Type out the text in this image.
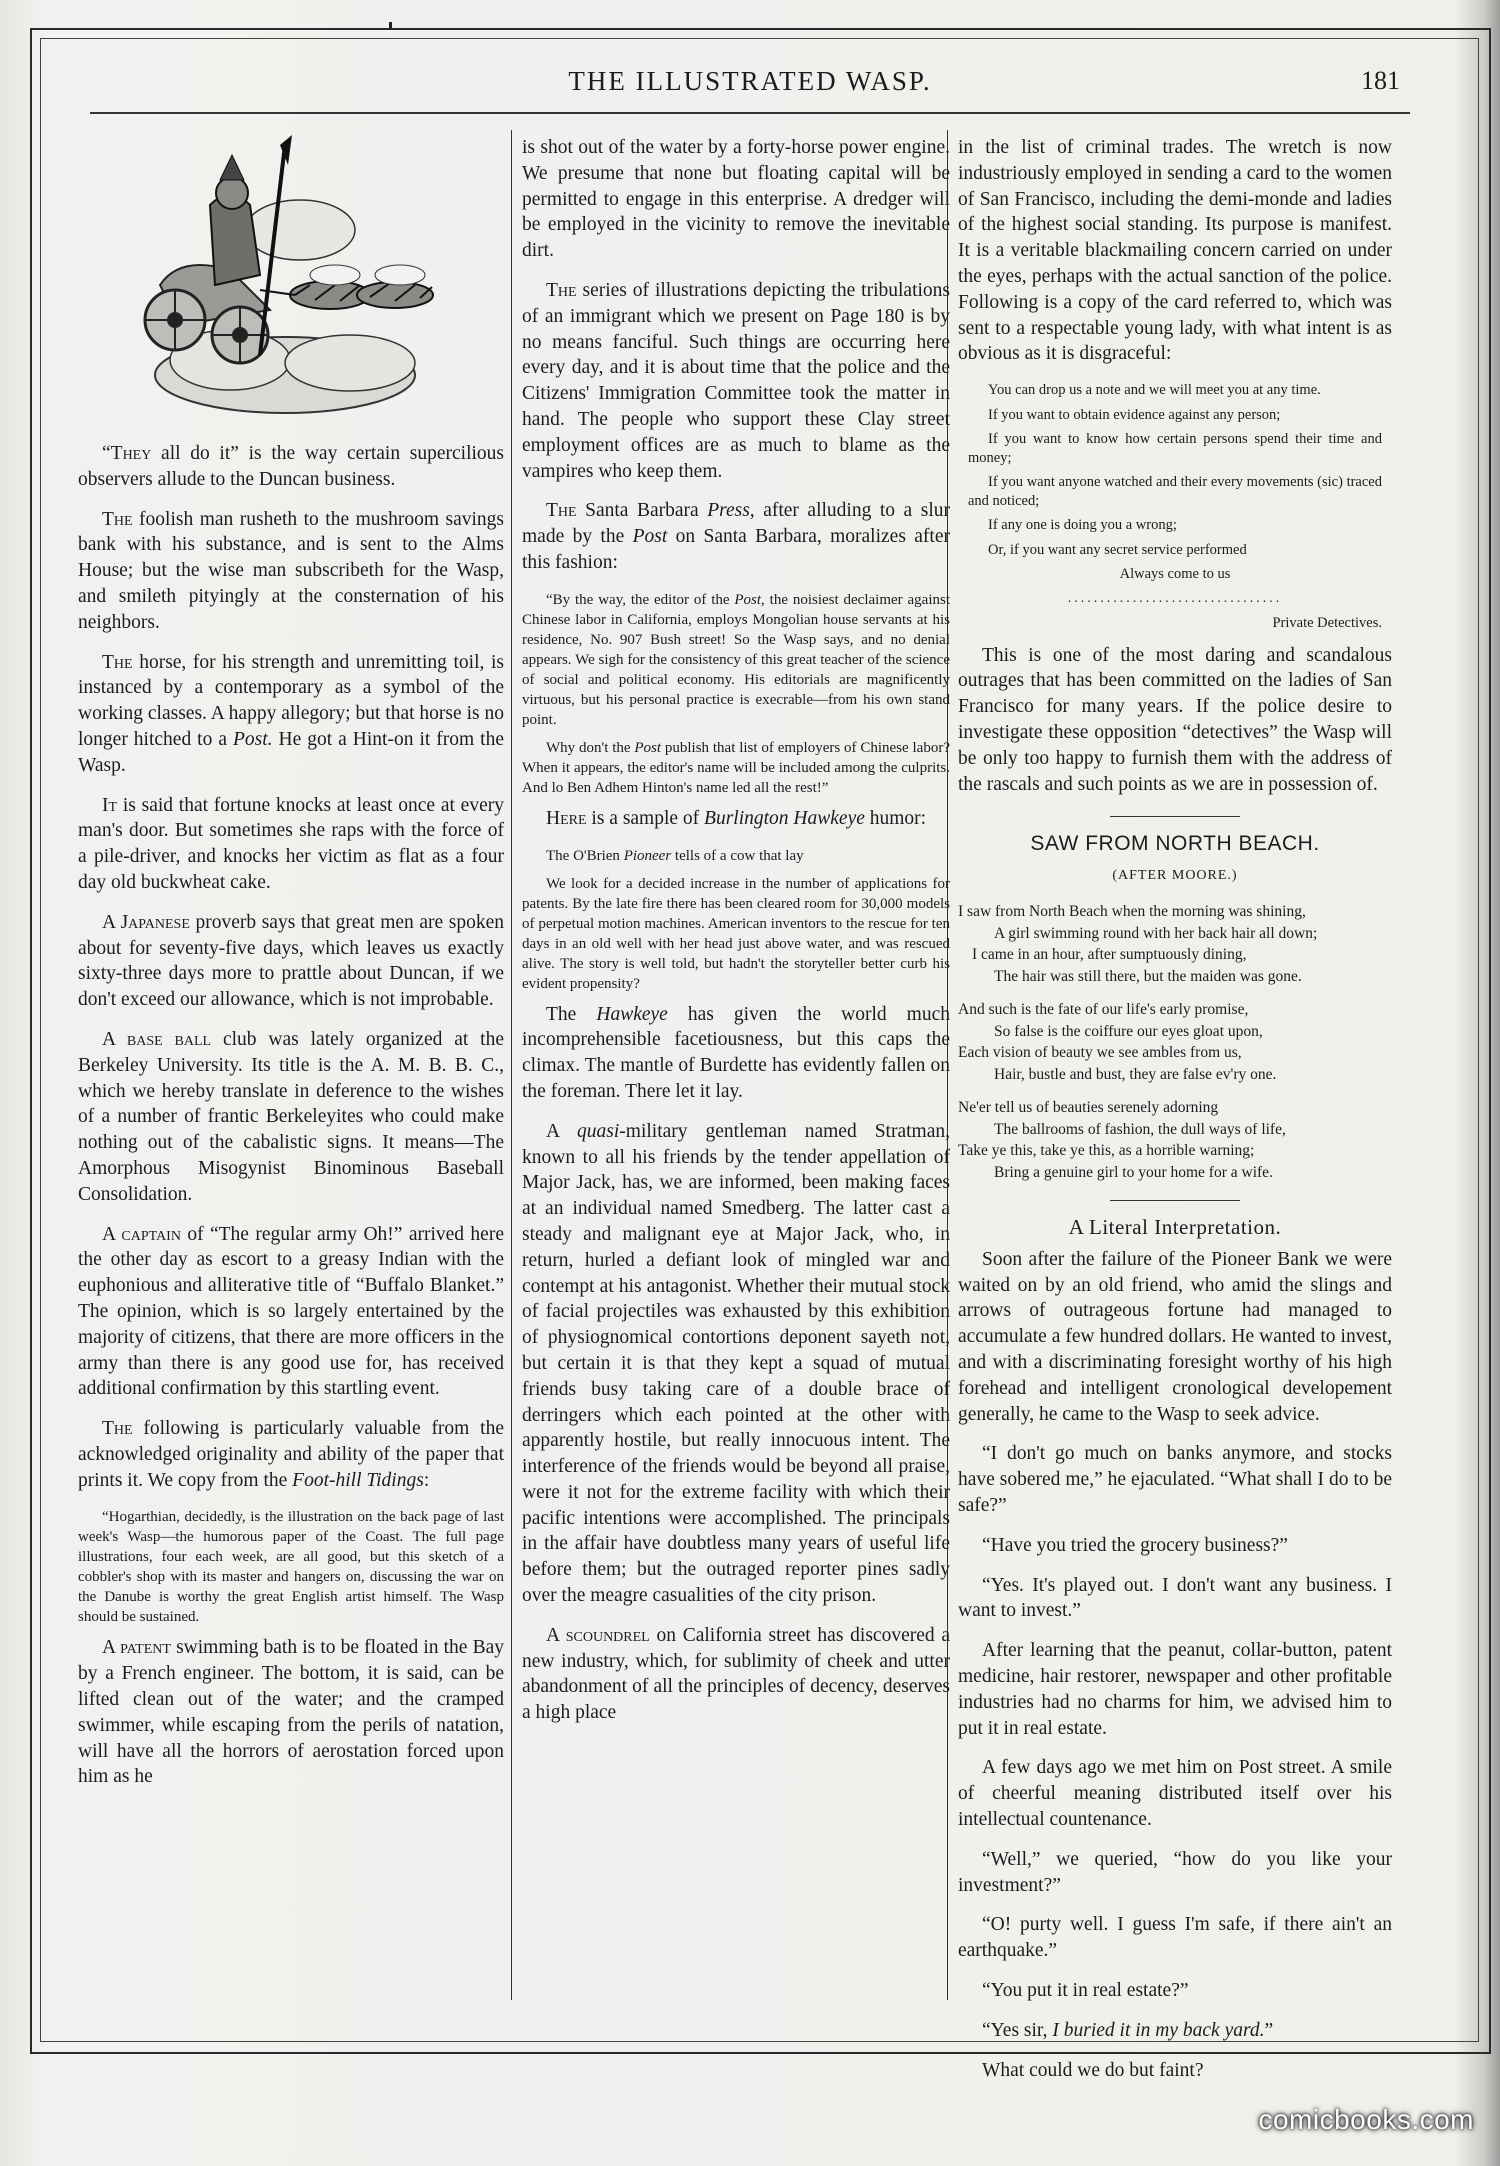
THE ILLUSTRATED WASP.	181

“They all do it” is the way certain supercilious observers allude to the Duncan business.

The foolish man rusheth to the mushroom savings bank with his substance, and is sent to the Alms House; but the wise man subscribeth for the Wasp, and smileth pityingly at the consternation of his neighbors.

The horse, for his strength and unremitting toil, is instanced by a contemporary as a symbol of the working classes. A happy allegory; but that horse is no longer hitched to a Post. He got a Hint-on it from the Wasp.

It is said that fortune knocks at least once at every man's door. But sometimes she raps with the force of a pile-driver, and knocks her victim as flat as a four day old buckwheat cake.

A Japanese proverb says that great men are spoken about for seventy-five days, which leaves us exactly sixty-three days more to prattle about Duncan, if we don't exceed our allowance, which is not improbable.

A base ball club was lately organized at the Berkeley University. Its title is the A. M. B. B. C., which we hereby translate in deference to the wishes of a number of frantic Berkeleyites who could make nothing out of the cabalistic signs. It means—The Amorphous Misogynist Binominous Baseball Consolidation.

A captain of “The regular army Oh!” arrived here the other day as escort to a greasy Indian with the euphonious and alliterative title of “Buffalo Blanket.” The opinion, which is so largely entertained by the majority of citizens, that there are more officers in the army than there is any good use for, has received additional confirmation by this startling event.

The following is particularly valuable from the acknowledged originality and ability of the paper that prints it. We copy from the Foot-hill Tidings:

“Hogarthian, decidedly, is the illustration on the back page of last week's Wasp—the humorous paper of the Coast. The full page illustrations, four each week, are all good, but this sketch of a cobbler's shop with its master and hangers on, discussing the war on the Danube is worthy the great English artist himself. The Wasp should be sustained.

A patent swimming bath is to be floated in the Bay by a French engineer. The bottom, it is said, can be lifted clean out of the water; and the cramped swimmer, while escaping from the perils of natation, will have all the horrors of aerostation forced upon him as he

is shot out of the water by a forty-horse power engine. We presume that none but floating capital will be permitted to engage in this enterprise. A dredger will be employed in the vicinity to remove the inevitable dirt.

The series of illustrations depicting the tribulations of an immigrant which we present on Page 180 is by no means fanciful. Such things are occurring here every day, and it is about time that the police and the Citizens' Immigration Committee took the matter in hand. The people who support these Clay street employment offices are as much to blame as the vampires who keep them.

The Santa Barbara Press, after alluding to a slur made by the Post on Santa Barbara, moralizes after this fashion:

“By the way, the editor of the Post, the noisiest declaimer against Chinese labor in California, employs Mongolian house servants at his residence, No. 907 Bush street! So the Wasp says, and no denial appears. We sigh for the consistency of this great teacher of the science of social and political economy. His editorials are magnificently virtuous, but his personal practice is execrable—from his own stand point.

Why don't the Post publish that list of employers of Chinese labor? When it appears, the editor's name will be included among the culprits. And lo Ben Adhem Hinton's name led all the rest!”

Here is a sample of Burlington Hawkeye humor:

The O'Brien Pioneer tells of a cow that lay

We look for a decided increase in the number of applications for patents. By the late fire there has been cleared room for 30,000 models of perpetual motion machines. American inventors to the rescue for ten days in an old well with her head just above water, and was rescued alive. The story is well told, but hadn't the storyteller better curb his evident propensity?

The Hawkeye has given the world much incomprehensible facetiousness, but this caps the climax. The mantle of Burdette has evidently fallen on the foreman. There let it lay.

A quasi-military gentleman named Stratman, known to all his friends by the tender appellation of Major Jack, has, we are informed, been making faces at an individual named Smedberg. The latter cast a steady and malignant eye at Major Jack, who, in return, hurled a defiant look of mingled war and contempt at his antagonist. Whether their mutual stock of facial projectiles was exhausted by this exhibition of physiognomical contortions deponent sayeth not, but certain it is that they kept a squad of mutual friends busy taking care of a double brace of derringers which each pointed at the other with apparently hostile, but really innocuous intent. The interference of the friends would be beyond all praise, were it not for the extreme facility with which their pacific intentions were accomplished. The principals in the affair have doubtless many years of useful life before them; but the outraged reporter pines sadly over the meagre casualities of the city prison.

A scoundrel on California street has discovered a new industry, which, for sublimity of cheek and utter abandonment of all the principles of decency, deserves a high place

in the list of criminal trades. The wretch is now industriously employed in sending a card to the women of San Francisco, including the demi-monde and ladies of the highest social standing. Its purpose is manifest. It is a veritable blackmailing concern carried on under the eyes, perhaps with the actual sanction of the police. Following is a copy of the card referred to, which was sent to a respectable young lady, with what intent is as obvious as it is disgraceful:

You can drop us a note and we will meet you at any time.

If you want to obtain evidence against any person;

If you want to know how certain persons spend their time and money;

If you want anyone watched and their every movements (sic) traced and noticed;

If any one is doing you a wrong;

Or, if you want any secret service performed

Always come to us

.................................

Private Detectives.

This is one of the most daring and scandalous outrages that has been committed on the ladies of San Francisco for many years. If the police desire to investigate these opposition “detectives” the Wasp will be only too happy to furnish them with the address of the rascals and such points as we are in possession of.

SAW FROM NORTH BEACH.

(AFTER MOORE.)

I saw from North Beach when the morning was shining,

A girl swimming round with her back hair all down;

I came in an hour, after sumptuously dining,

The hair was still there, but the maiden was gone.

And such is the fate of our life's early promise,

So false is the coiffure our eyes gloat upon,

Each vision of beauty we see ambles from us,

Hair, bustle and bust, they are false ev'ry one.

Ne'er tell us of beauties serenely adorning

The ballrooms of fashion, the dull ways of life,

Take ye this, take ye this, as a horrible warning;

Bring a genuine girl to your home for a wife.

A Literal Interpretation.

Soon after the failure of the Pioneer Bank we were waited on by an old friend, who amid the slings and arrows of outrageous fortune had managed to accumulate a few hundred dollars. He wanted to invest, and with a discriminating foresight worthy of his high forehead and intelligent cronological developement generally, he came to the Wasp to seek advice.

“I don't go much on banks anymore, and stocks have sobered me,” he ejaculated. “What shall I do to be safe?”

“Have you tried the grocery business?”

“Yes. It's played out. I don't want any business. I want to invest.”

After learning that the peanut, collar-button, patent medicine, hair restorer, newspaper and other profitable industries had no charms for him, we advised him to put it in real estate.

A few days ago we met him on Post street. A smile of cheerful meaning distributed itself over his intellectual countenance.

“Well,” we queried, “how do you like your investment?”

“O! purty well. I guess I'm safe, if there ain't an earthquake.”

“You put it in real estate?”

“Yes sir, I buried it in my back yard.”

What could we do but faint?

comicbooks.com
